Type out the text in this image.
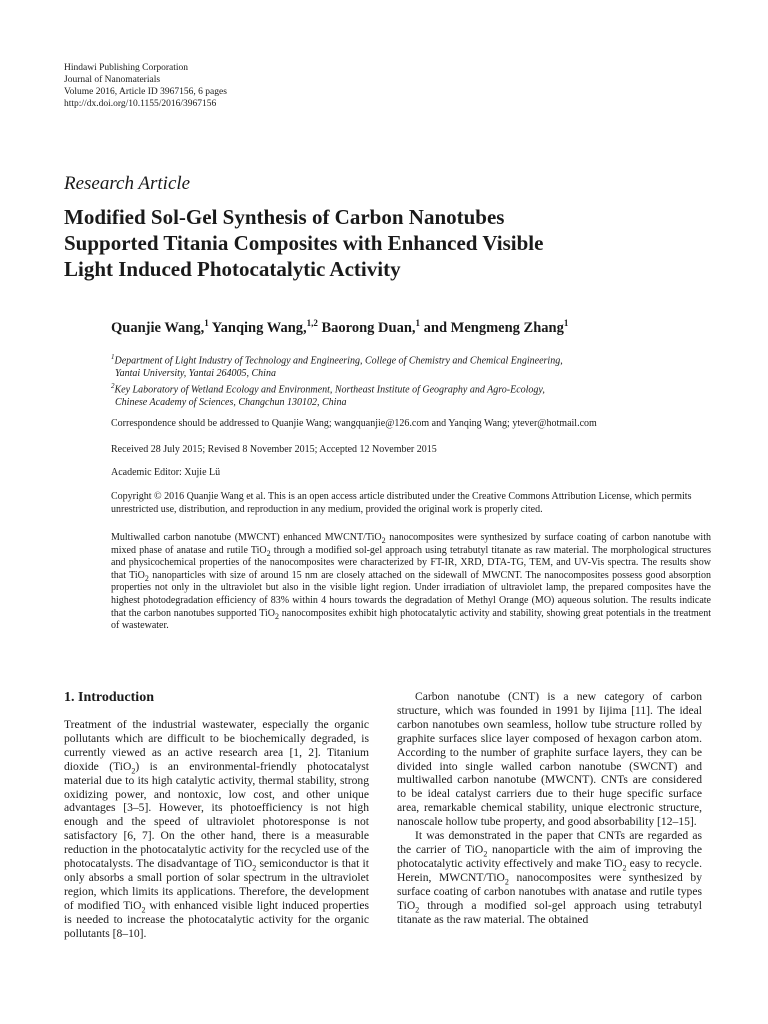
Hindawi Publishing Corporation
Journal of Nanomaterials
Volume 2016, Article ID 3967156, 6 pages
http://dx.doi.org/10.1155/2016/3967156
Research Article
Modified Sol-Gel Synthesis of Carbon Nanotubes
Supported Titania Composites with Enhanced Visible
Light Induced Photocatalytic Activity
Quanjie Wang,$^1$ Yanqing Wang,$^{1,2}$ Baorong Duan,$^1$ and Mengmeng Zhang$^1$
$^1$Department of Light Industry of Technology and Engineering, College of Chemistry and Chemical Engineering,
Yantai University, Yantai 264005, China
$^2$Key Laboratory of Wetland Ecology and Environment, Northeast Institute of Geography and Agro-Ecology,
Chinese Academy of Sciences, Changchun 130102, China
Correspondence should be addressed to Quanjie Wang; wangquanjie@126.com and Yanqing Wang; ytever@hotmail.com
Received 28 July 2015; Revised 8 November 2015; Accepted 12 November 2015
Academic Editor: Xujie Lü
Copyright © 2016 Quanjie Wang et al. This is an open access article distributed under the Creative Commons Attribution License, which permits unrestricted use, distribution, and reproduction in any medium, provided the original work is properly cited.
Multiwalled carbon nanotube (MWCNT) enhanced MWCNT/TiO$_2$ nanocomposites were synthesized by surface coating of carbon nanotube with mixed phase of anatase and rutile TiO$_2$ through a modified sol-gel approach using tetrabutyl titanate as raw material. The morphological structures and physicochemical properties of the nanocomposites were characterized by FT-IR, XRD, DTA-TG, TEM, and UV-Vis spectra. The results show that TiO$_2$ nanoparticles with size of around 15 nm are closely attached on the sidewall of MWCNT. The nanocomposites possess good absorption properties not only in the ultraviolet but also in the visible light region. Under irradiation of ultraviolet lamp, the prepared composites have the highest photodegradation efficiency of 83% within 4 hours towards the degradation of Methyl Orange (MO) aqueous solution. The results indicate that the carbon nanotubes supported TiO$_2$ nanocomposites exhibit high photocatalytic activity and stability, showing great potentials in the treatment of wastewater.
1. Introduction

Treatment of the industrial wastewater, especially the organic pollutants which are difficult to be biochemically degraded, is currently viewed as an active research area [1, 2]. Titanium dioxide (TiO$_2$) is an environmental-friendly photocatalyst material due to its high catalytic activity, thermal stability, strong oxidizing power, and nontoxic, low cost, and other unique advantages [3–5]. However, its photoefficiency is not high enough and the speed of ultraviolet photoresponse is not satisfactory [6, 7]. On the other hand, there is a measurable reduction in the photocatalytic activity for the recycled use of the photocatalysts. The disadvantage of TiO$_2$ semiconductor is that it only absorbs a small portion of solar spectrum in the ultraviolet region, which limits its applications. Therefore, the development of modified TiO$_2$ with enhanced visible light induced properties is needed to increase the photocatalytic activity for the organic pollutants [8–10].

Carbon nanotube (CNT) is a new category of carbon structure, which was founded in 1991 by Iijima [11]. The ideal carbon nanotubes own seamless, hollow tube structure rolled by graphite surfaces slice layer composed of hexagon carbon atom. According to the number of graphite surface layers, they can be divided into single walled carbon nanotube (SWCNT) and multiwalled carbon nanotube (MWCNT). CNTs are considered to be ideal catalyst carriers due to their huge specific surface area, remarkable chemical stability, unique electronic structure, nanoscale hollow tube property, and good absorbability [12–15].

It was demonstrated in the paper that CNTs are regarded as the carrier of TiO$_2$ nanoparticle with the aim of improving the photocatalytic activity effectively and make TiO$_2$ easy to recycle. Herein, MWCNT/TiO$_2$ nanocomposites were synthesized by surface coating of carbon nanotubes with anatase and rutile types TiO$_2$ through a modified sol-gel approach using tetrabutyl titanate as the raw material. The obtained
